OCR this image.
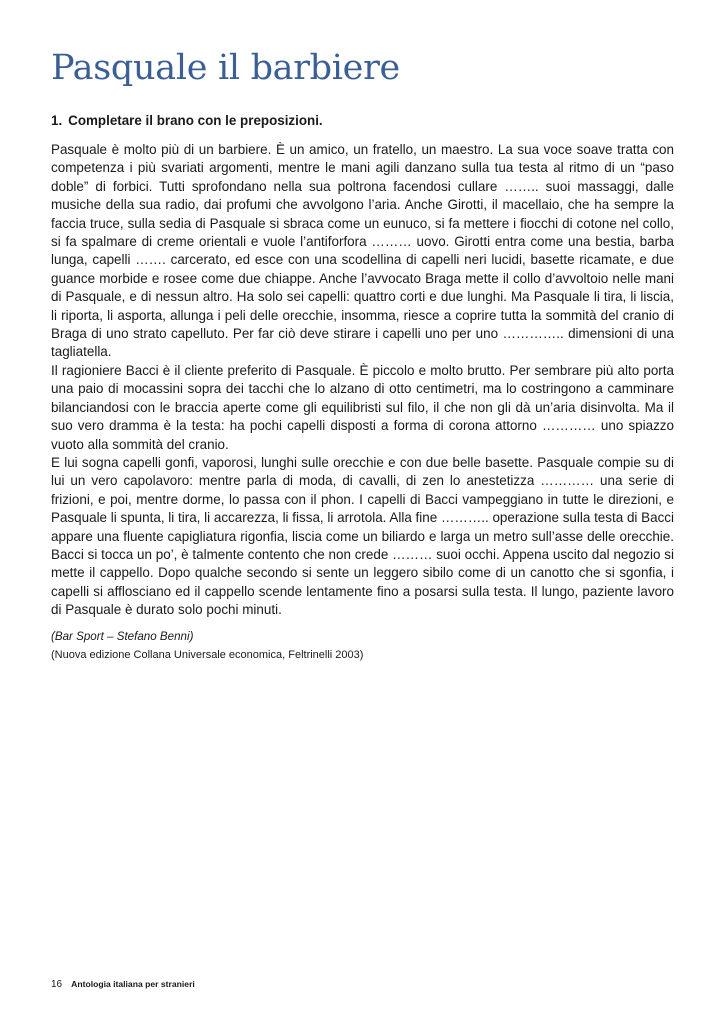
Pasquale il barbiere
1. Completare il brano con le preposizioni.

Pasquale è molto più di un barbiere. È un amico, un fratello, un maestro. La sua voce soave tratta con competenza i più svariati argomenti, mentre le mani agili danzano sulla tua testa al ritmo di un “paso doble” di forbici. Tutti sprofondano nella sua poltrona facendosi cullare …….. suoi massaggi, dalle musiche della sua radio, dai profumi che avvolgono l’aria. Anche Girotti, il macellaio, che ha sempre la faccia truce, sulla sedia di Pasquale si sbraca come un eunuco, si fa mettere i fiocchi di cotone nel collo, si fa spalmare di creme orientali e vuole l’antiforfora ……… uovo. Girotti entra come una bestia, barba lunga, capelli ……. carcerato, ed esce con una scodellina di capelli neri lucidi, basette ricamate, e due guance morbide e rosee come due chiappe. Anche l’avvocato Braga mette il collo d’avvoltoio nelle mani di Pasquale, e di nessun altro. Ha solo sei capelli: quattro corti e due lunghi. Ma Pasquale li tira, li liscia, li riporta, li asporta, allunga i peli delle orecchie, insomma, riesce a coprire tutta la sommità del cranio di Braga di uno strato capelluto. Per far ciò deve stirare i capelli uno per uno ………….. dimensioni di una tagliatella.

Il ragioniere Bacci è il cliente preferito di Pasquale. È piccolo e molto brutto. Per sembrare più alto porta una paio di mocassini sopra dei tacchi che lo alzano di otto centimetri, ma lo costringono a camminare bilanciandosi con le braccia aperte come gli equilibristi sul filo, il che non gli dà un’aria disinvolta. Ma il suo vero dramma è la testa: ha pochi capelli disposti a forma di corona attorno ………… uno spiazzo vuoto alla sommità del cranio.

E lui sogna capelli gonfi, vaporosi, lunghi sulle orecchie e con due belle basette. Pasquale compie su di lui un vero capolavoro: mentre parla di moda, di cavalli, di zen lo anestetizza ………… una serie di frizioni, e poi, mentre dorme, lo passa con il phon. I capelli di Bacci vampeggiano in tutte le direzioni, e Pasquale li spunta, li tira, li accarezza, li fissa, li arrotola. Alla fine ……….. operazione sulla testa di Bacci appare una fluente capigliatura rigonfia, liscia come un biliardo e larga un metro sull’asse delle orecchie. Bacci si tocca un po’, è talmente contento che non crede ……… suoi occhi. Appena uscito dal negozio si mette il cappello. Dopo qualche secondo si sente un leggero sibilo come di un canotto che si sgonfia, i capelli si afflosciano ed il cappello scende lentamente fino a posarsi sulla testa. Il lungo, paziente lavoro di Pasquale è durato solo pochi minuti.

(Bar Sport – Stefano Benni)

(Nuova edizione Collana Universale economica, Feltrinelli 2003)

16 Antologia italiana per stranieri
